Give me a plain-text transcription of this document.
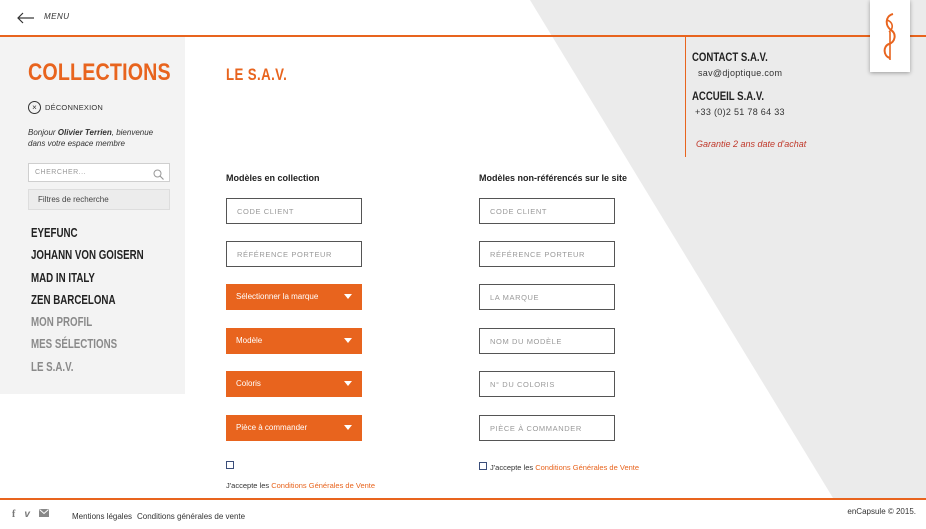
MENU
COLLECTIONS
×	DÉCONNEXION
Bonjour Olivier Terrien, bienvenue dans votre espace membre
CHERCHER...
Filtres de recherche
EYEFUNC
JOHANN VON GOISERN
MAD IN ITALY
ZEN BARCELONA
MON PROFIL
MES SÉLECTIONS
LE S.A.V.
LE S.A.V.
CONTACT S.A.V.
sav@djoptique.com
ACCUEIL S.A.V.
+33 (0)2 51 78 64 33
Garantie 2 ans date d'achat
Modèles en collection
CODE CLIENT
RÉFÉRENCE PORTEUR
Sélectionner la marque
Modèle
Coloris
Pièce à commander
J'accepte les Conditions Générales de Vente
Modèles non-référencés sur le site
CODE CLIENT
RÉFÉRENCE PORTEUR
LA MARQUE
NOM DU MODÈLE
N° DU COLORIS
PIÈCE À COMMANDER
J'accepte les Conditions Générales de Vente
f v	Mentions légales Conditions générales de vente
enCapsule © 2015.
